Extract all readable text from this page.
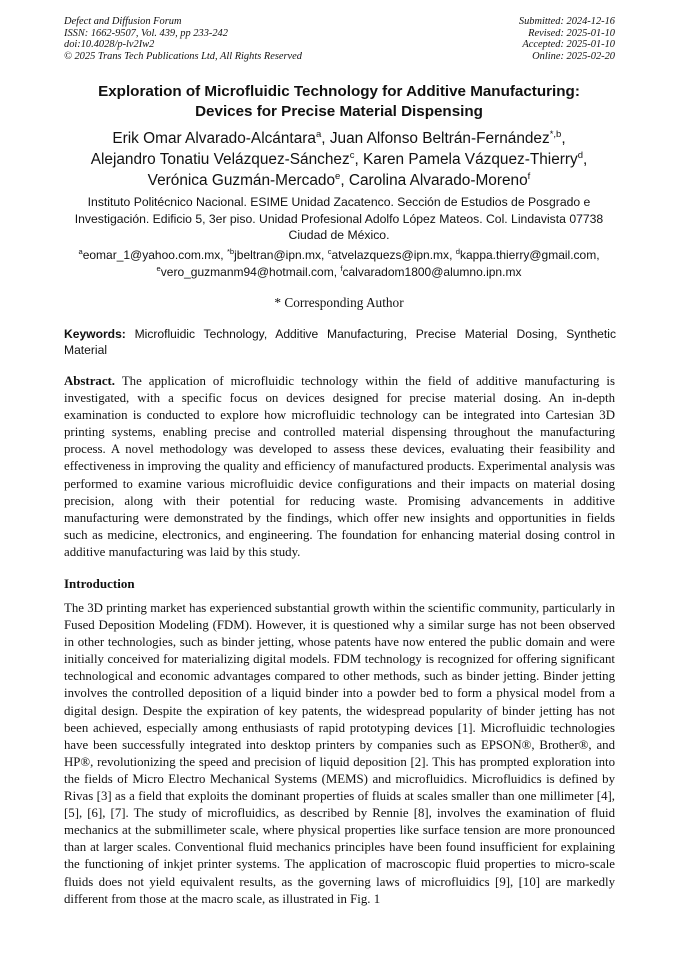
Defect and Diffusion Forum
ISSN: 1662-9507, Vol. 439, pp 233-242
doi:10.4028/p-lv2Iw2
© 2025 Trans Tech Publications Ltd, All Rights Reserved
Submitted: 2024-12-16
Revised: 2025-01-10
Accepted: 2025-01-10
Online: 2025-02-20
Exploration of Microfluidic Technology for Additive Manufacturing:
Devices for Precise Material Dispensing
Erik Omar Alvarado-Alcántara$^a$, Juan Alfonso Beltrán-Fernández$^{*,b}$,
Alejandro Tonatiu Velázquez-Sánchez$^c$, Karen Pamela Vázquez-Thierry$^d$,
Verónica Guzmán-Mercado$^e$, Carolina Alvarado-Moreno$^f$
Instituto Politécnico Nacional. ESIME Unidad Zacatenco. Sección de Estudios de Posgrado e
Investigación. Edificio 5, 3er piso. Unidad Profesional Adolfo López Mateos. Col. Lindavista 07738
Ciudad de México.
$^a$eomar_1@yahoo.com.mx, $^{*b}$jbeltran@ipn.mx, $^c$atvelazquezs@ipn.mx, $^d$kappa.thierry@gmail.com,
$^e$vero_guzmanm94@hotmail.com, $^f$calvaradom1800@alumno.ipn.mx
* Corresponding Author
Keywords: Microfluidic Technology, Additive Manufacturing, Precise Material Dosing, Synthetic Material
Abstract. The application of microfluidic technology within the field of additive manufacturing is investigated, with a specific focus on devices designed for precise material dosing. An in-depth examination is conducted to explore how microfluidic technology can be integrated into Cartesian 3D printing systems, enabling precise and controlled material dispensing throughout the manufacturing process. A novel methodology was developed to assess these devices, evaluating their feasibility and effectiveness in improving the quality and efficiency of manufactured products. Experimental analysis was performed to examine various microfluidic device configurations and their impacts on material dosing precision, along with their potential for reducing waste. Promising advancements in additive manufacturing were demonstrated by the findings, which offer new insights and opportunities in fields such as medicine, electronics, and engineering. The foundation for enhancing material dosing control in additive manufacturing was laid by this study.
Introduction

The 3D printing market has experienced substantial growth within the scientific community, particularly in Fused Deposition Modeling (FDM). However, it is questioned why a similar surge has not been observed in other technologies, such as binder jetting, whose patents have now entered the public domain and were initially conceived for materializing digital models. FDM technology is recognized for offering significant technological and economic advantages compared to other methods, such as binder jetting. Binder jetting involves the controlled deposition of a liquid binder into a powder bed to form a physical model from a digital design. Despite the expiration of key patents, the widespread popularity of binder jetting has not been achieved, especially among enthusiasts of rapid prototyping devices [1]. Microfluidic technologies have been successfully integrated into desktop printers by companies such as EPSON®, Brother®, and HP®, revolutionizing the speed and precision of liquid deposition [2]. This has prompted exploration into the fields of Micro Electro Mechanical Systems (MEMS) and microfluidics. Microfluidics is defined by Rivas [3] as a field that exploits the dominant properties of fluids at scales smaller than one millimeter [4], [5], [6], [7]. The study of microfluidics, as described by Rennie [8], involves the examination of fluid mechanics at the submillimeter scale, where physical properties like surface tension are more pronounced than at larger scales. Conventional fluid mechanics principles have been found insufficient for explaining the functioning of inkjet printer systems. The application of macroscopic fluid properties to micro-scale fluids does not yield equivalent results, as the governing laws of microfluidics [9], [10] are markedly different from those at the macro scale, as illustrated in Fig. 1
